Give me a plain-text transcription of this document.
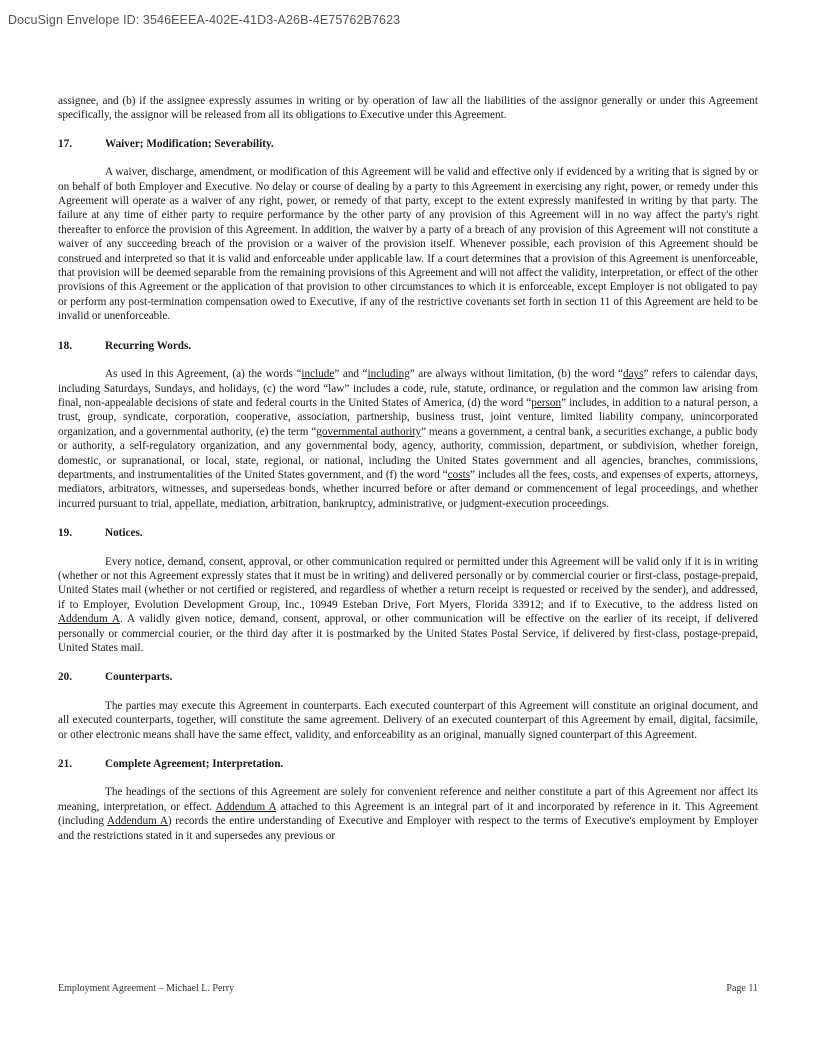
DocuSign Envelope ID: 3546EEEA-402E-41D3-A26B-4E75762B7623

assignee, and (b) if the assignee expressly assumes in writing or by operation of law all the liabilities of the assignor generally or under this Agreement specifically, the assignor will be released from all its obligations to Executive under this Agreement.

17.	Waiver; Modification; Severability.

A waiver, discharge, amendment, or modification of this Agreement will be valid and effective only if evidenced by a writing that is signed by or on behalf of both Employer and Executive. No delay or course of dealing by a party to this Agreement in exercising any right, power, or remedy under this Agreement will operate as a waiver of any right, power, or remedy of that party, except to the extent expressly manifested in writing by that party. The failure at any time of either party to require performance by the other party of any provision of this Agreement will in no way affect the party's right thereafter to enforce the provision of this Agreement. In addition, the waiver by a party of a breach of any provision of this Agreement will not constitute a waiver of any succeeding breach of the provision or a waiver of the provision itself. Whenever possible, each provision of this Agreement should be construed and interpreted so that it is valid and enforceable under applicable law. If a court determines that a provision of this Agreement is unenforceable, that provision will be deemed separable from the remaining provisions of this Agreement and will not affect the validity, interpretation, or effect of the other provisions of this Agreement or the application of that provision to other circumstances to which it is enforceable, except Employer is not obligated to pay or perform any post-termination compensation owed to Executive, if any of the restrictive covenants set forth in section 11 of this Agreement are held to be invalid or unenforceable.

18.	Recurring Words.

As used in this Agreement, (a) the words “include” and “including” are always without limitation, (b) the word “days” refers to calendar days, including Saturdays, Sundays, and holidays, (c) the word “law” includes a code, rule, statute, ordinance, or regulation and the common law arising from final, non-appealable decisions of state and federal courts in the United States of America, (d) the word “person” includes, in addition to a natural person, a trust, group, syndicate, corporation, cooperative, association, partnership, business trust, joint venture, limited liability company, unincorporated organization, and a governmental authority, (e) the term “governmental authority” means a government, a central bank, a securities exchange, a public body or authority, a self-regulatory organization, and any governmental body, agency, authority, commission, department, or subdivision, whether foreign, domestic, or supranational, or local, state, regional, or national, including the United States government and all agencies, branches, commissions, departments, and instrumentalities of the United States government, and (f) the word “costs” includes all the fees, costs, and expenses of experts, attorneys, mediators, arbitrators, witnesses, and supersedeas bonds, whether incurred before or after demand or commencement of legal proceedings, and whether incurred pursuant to trial, appellate, mediation, arbitration, bankruptcy, administrative, or judgment-execution proceedings.

19.	Notices.

Every notice, demand, consent, approval, or other communication required or permitted under this Agreement will be valid only if it is in writing (whether or not this Agreement expressly states that it must be in writing) and delivered personally or by commercial courier or first-class, postage-prepaid, United States mail (whether or not certified or registered, and regardless of whether a return receipt is requested or received by the sender), and addressed, if to Employer, Evolution Development Group, Inc., 10949 Esteban Drive, Fort Myers, Florida 33912; and if to Executive, to the address listed on Addendum A. A validly given notice, demand, consent, approval, or other communication will be effective on the earlier of its receipt, if delivered personally or commercial courier, or the third day after it is postmarked by the United States Postal Service, if delivered by first-class, postage-prepaid, United States mail.

20.	Counterparts.

The parties may execute this Agreement in counterparts. Each executed counterpart of this Agreement will constitute an original document, and all executed counterparts, together, will constitute the same agreement. Delivery of an executed counterpart of this Agreement by email, digital, facsimile, or other electronic means shall have the same effect, validity, and enforceability as an original, manually signed counterpart of this Agreement.

21.	Complete Agreement; Interpretation.

The headings of the sections of this Agreement are solely for convenient reference and neither constitute a part of this Agreement nor affect its meaning, interpretation, or effect. Addendum A attached to this Agreement is an integral part of it and incorporated by reference in it. This Agreement (including Addendum A) records the entire understanding of Executive and Employer with respect to the terms of Executive's employment by Employer and the restrictions stated in it and supersedes any previous or

Employment Agreement – Michael L. Perry	Page 11
